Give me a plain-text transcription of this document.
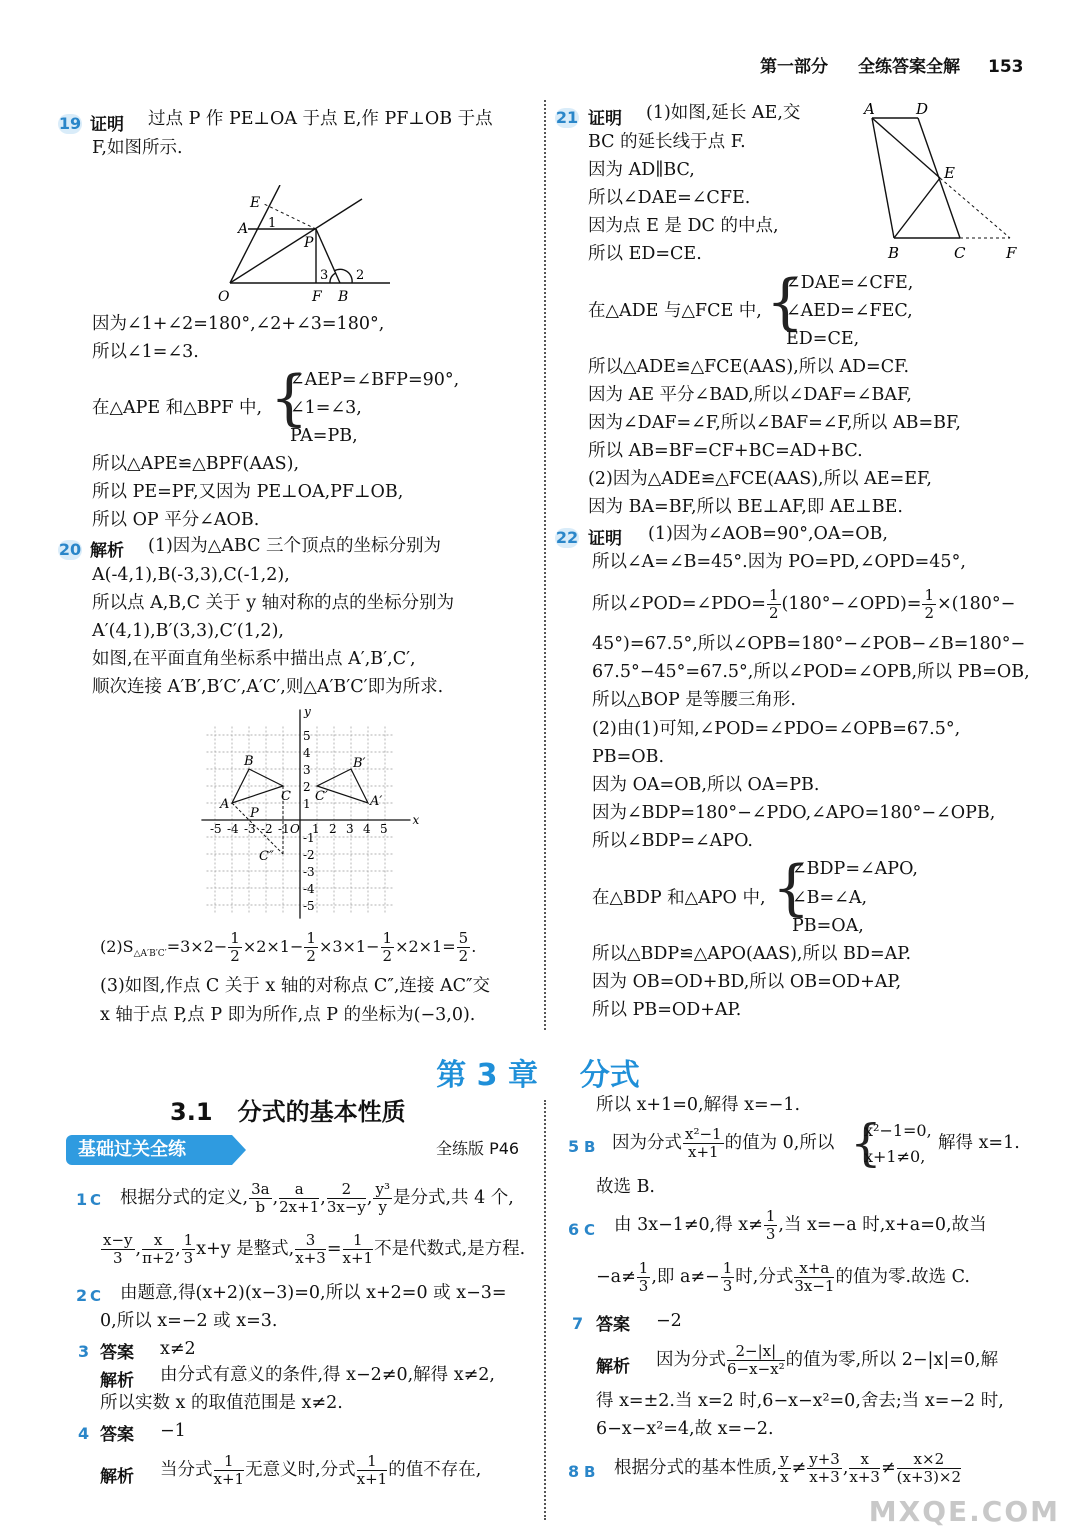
第一部分 全练答案全解 153
19 证明 过点 P 作 PE⊥OA 于点 E,作 PF⊥OB 于点
F,如图所示.
E
A 1
P
O	F B
3 2
因为∠1+∠2=180°,∠2+∠3=180°,
所以∠1=∠3.
在△APE 和△BPF 中, {
∠AEP=∠BFP=90°,
∠1=∠3,
PA=PB,
所以△APE≌△BPF(AAS),
所以 PE=PF,又因为 PE⊥OA,PF⊥OB,
所以 OP 平分∠AOB.
20 解析 (1)因为△ABC 三个顶点的坐标分别为
A(-4,1),B(-3,3),C(-1,2),
所以点 A,B,C 关于 y 轴对称的点的坐标分别为
A′(4,1),B′(3,3),C′(1,2),
如图,在平面直角坐标系中描出点 A′,B′,C′,
顺次连接 A′B′,B′C′,A′C′,则△A′B′C′即为所求.
x
y
O
-5 -4 -3 -2 -1 1 2 3 4 5
5
4
3
2
1
-1
-2
-3
-4
-5
A
B
C
P
A′
B′
C′
C″
$(2)S_{\triangle A'B'C'}=3\times 2- \frac{1}{2} \times 2\times 1- \frac{1}{2} \times 3\times 1- \frac{1}{2} \times 2\times 1= \frac{5}{2}$ .
(3)如图,作点 C 关于 x 轴的对称点 C″,连接 AC″交
x 轴于点 P,点 P 即为所作,点 P 的坐标为(−3,0).
21 证明 (1)如图,延长 AE,交
BC 的延长线于点 F.
因为 AD∥BC,
所以∠DAE=∠CFE.
因为点 E 是 DC 的中点,
所以 ED=CE.
A	D
E
B	C	F
在△ADE 与△FCE 中, {
∠DAE=∠CFE,
∠AED=∠FEC,
ED=CE,
所以△ADE≌△FCE(AAS),所以 AD=CF.
因为 AE 平分∠BAD,所以∠DAF=∠BAF,
因为∠DAF=∠F,所以∠BAF=∠F,所以 AB=BF,
所以 AB=BF=CF+BC=AD+BC.
(2)因为△ADE≌△FCE(AAS),所以 AE=EF,
因为 BA=BF,所以 BE⊥AF,即 AE⊥BE.
22 证明 (1)因为∠AOB=90°,OA=OB,
所以∠A=∠B=45°.因为 PO=PD,∠OPD=45°,
所以∠POD=∠PDO= $\frac{1}{2}$ (180°−∠OPD)= $\frac{1}{2} \times(180^\circ-$
45°)=67.5°,所以∠OPB=180°−∠POB−∠B=180°−
67.5°−45°=67.5°,所以∠POD=∠OPB,所以 PB=OB,
所以△BOP 是等腰三角形.
(2)由(1)可知,∠POD=∠PDO=∠OPB=67.5°,
PB=OB.
因为 OA=OB,所以 OA=PB.
因为∠BDP=180°−∠PDO,∠APO=180°−∠OPB,
所以∠BDP=∠APO.
在△BDP 和△APO 中, {
∠BDP=∠APO,
∠B=∠A,
PB=OA,
所以△BDP≌△APO(AAS),所以 BD=AP.
因为 OB=OD+BD,所以 OB=OD+AP,
所以 PB=OD+AP.
第 3 章 分式
3.1 分式的基本性质
基础过关全练	全练版 P46
1 C 根据分式的定义, $\frac{3a}{b}$ , $\frac{a}{2x+1}$ , $\frac{2}{3x-y}$ , $\frac{\text{y³}}{y}$ 是分式,共 4 个,
$\frac{x-y}{3}$ , $\frac{x}{\pi+2}$ , $\frac{1}{3} x+y$ 是整式, $\frac{3}{x+3} = \frac{1}{x+1}$ 不是代数式,是方程.
2 C 由题意,得(x+2)(x−3)=0,所以 x+2=0 或 x−3=
0,所以 x=−2 或 x=3.
3 答案 x≠2
解析 由分式有意义的条件,得 x−2≠0,解得 x≠2,
所以实数 x 的取值范围是 x≠2.
4 答案 −1
解析 当分式 $\frac{1}{x+1}$ 无意义时,分式 $\frac{1}{x+1}$ 的值不存在,
所以 x+1=0,解得 x=−1.
5 B 因为分式 $\frac{\text{x²−1}}{x+1}$ 的值为 0,所以 {
x²−1=0,
x+1≠0,
解得 x=1.
故选 B.
6 C 由 3x−1≠0,得 $x\ne \frac{1}{3}$ ,当 x=−a 时,x+a=0,故当
$-a\ne \frac{1}{3}$ ,即 $a\ne- \frac{1}{3}$ 时,分式 $\frac{x+a}{3x-1}$ 的值为零.故选 C.
7 答案 −2
解析 因为分式 $\frac{2-|x|}{\text{6−x−x²}}$ 的值为零,所以 2−|x|=0,解
得 x=±2.当 x=2 时,6−x−x²=0,舍去;当 x=−2 时,
6−x−x²=4,故 x=−2.
8 B 根据分式的基本性质, $\frac{y}{x} \ne \frac{y+3}{x+3}$ , $\frac{x}{x+3} \ne \frac{x\times 2}{(x+3)\times 2}$
MXQE.COM
